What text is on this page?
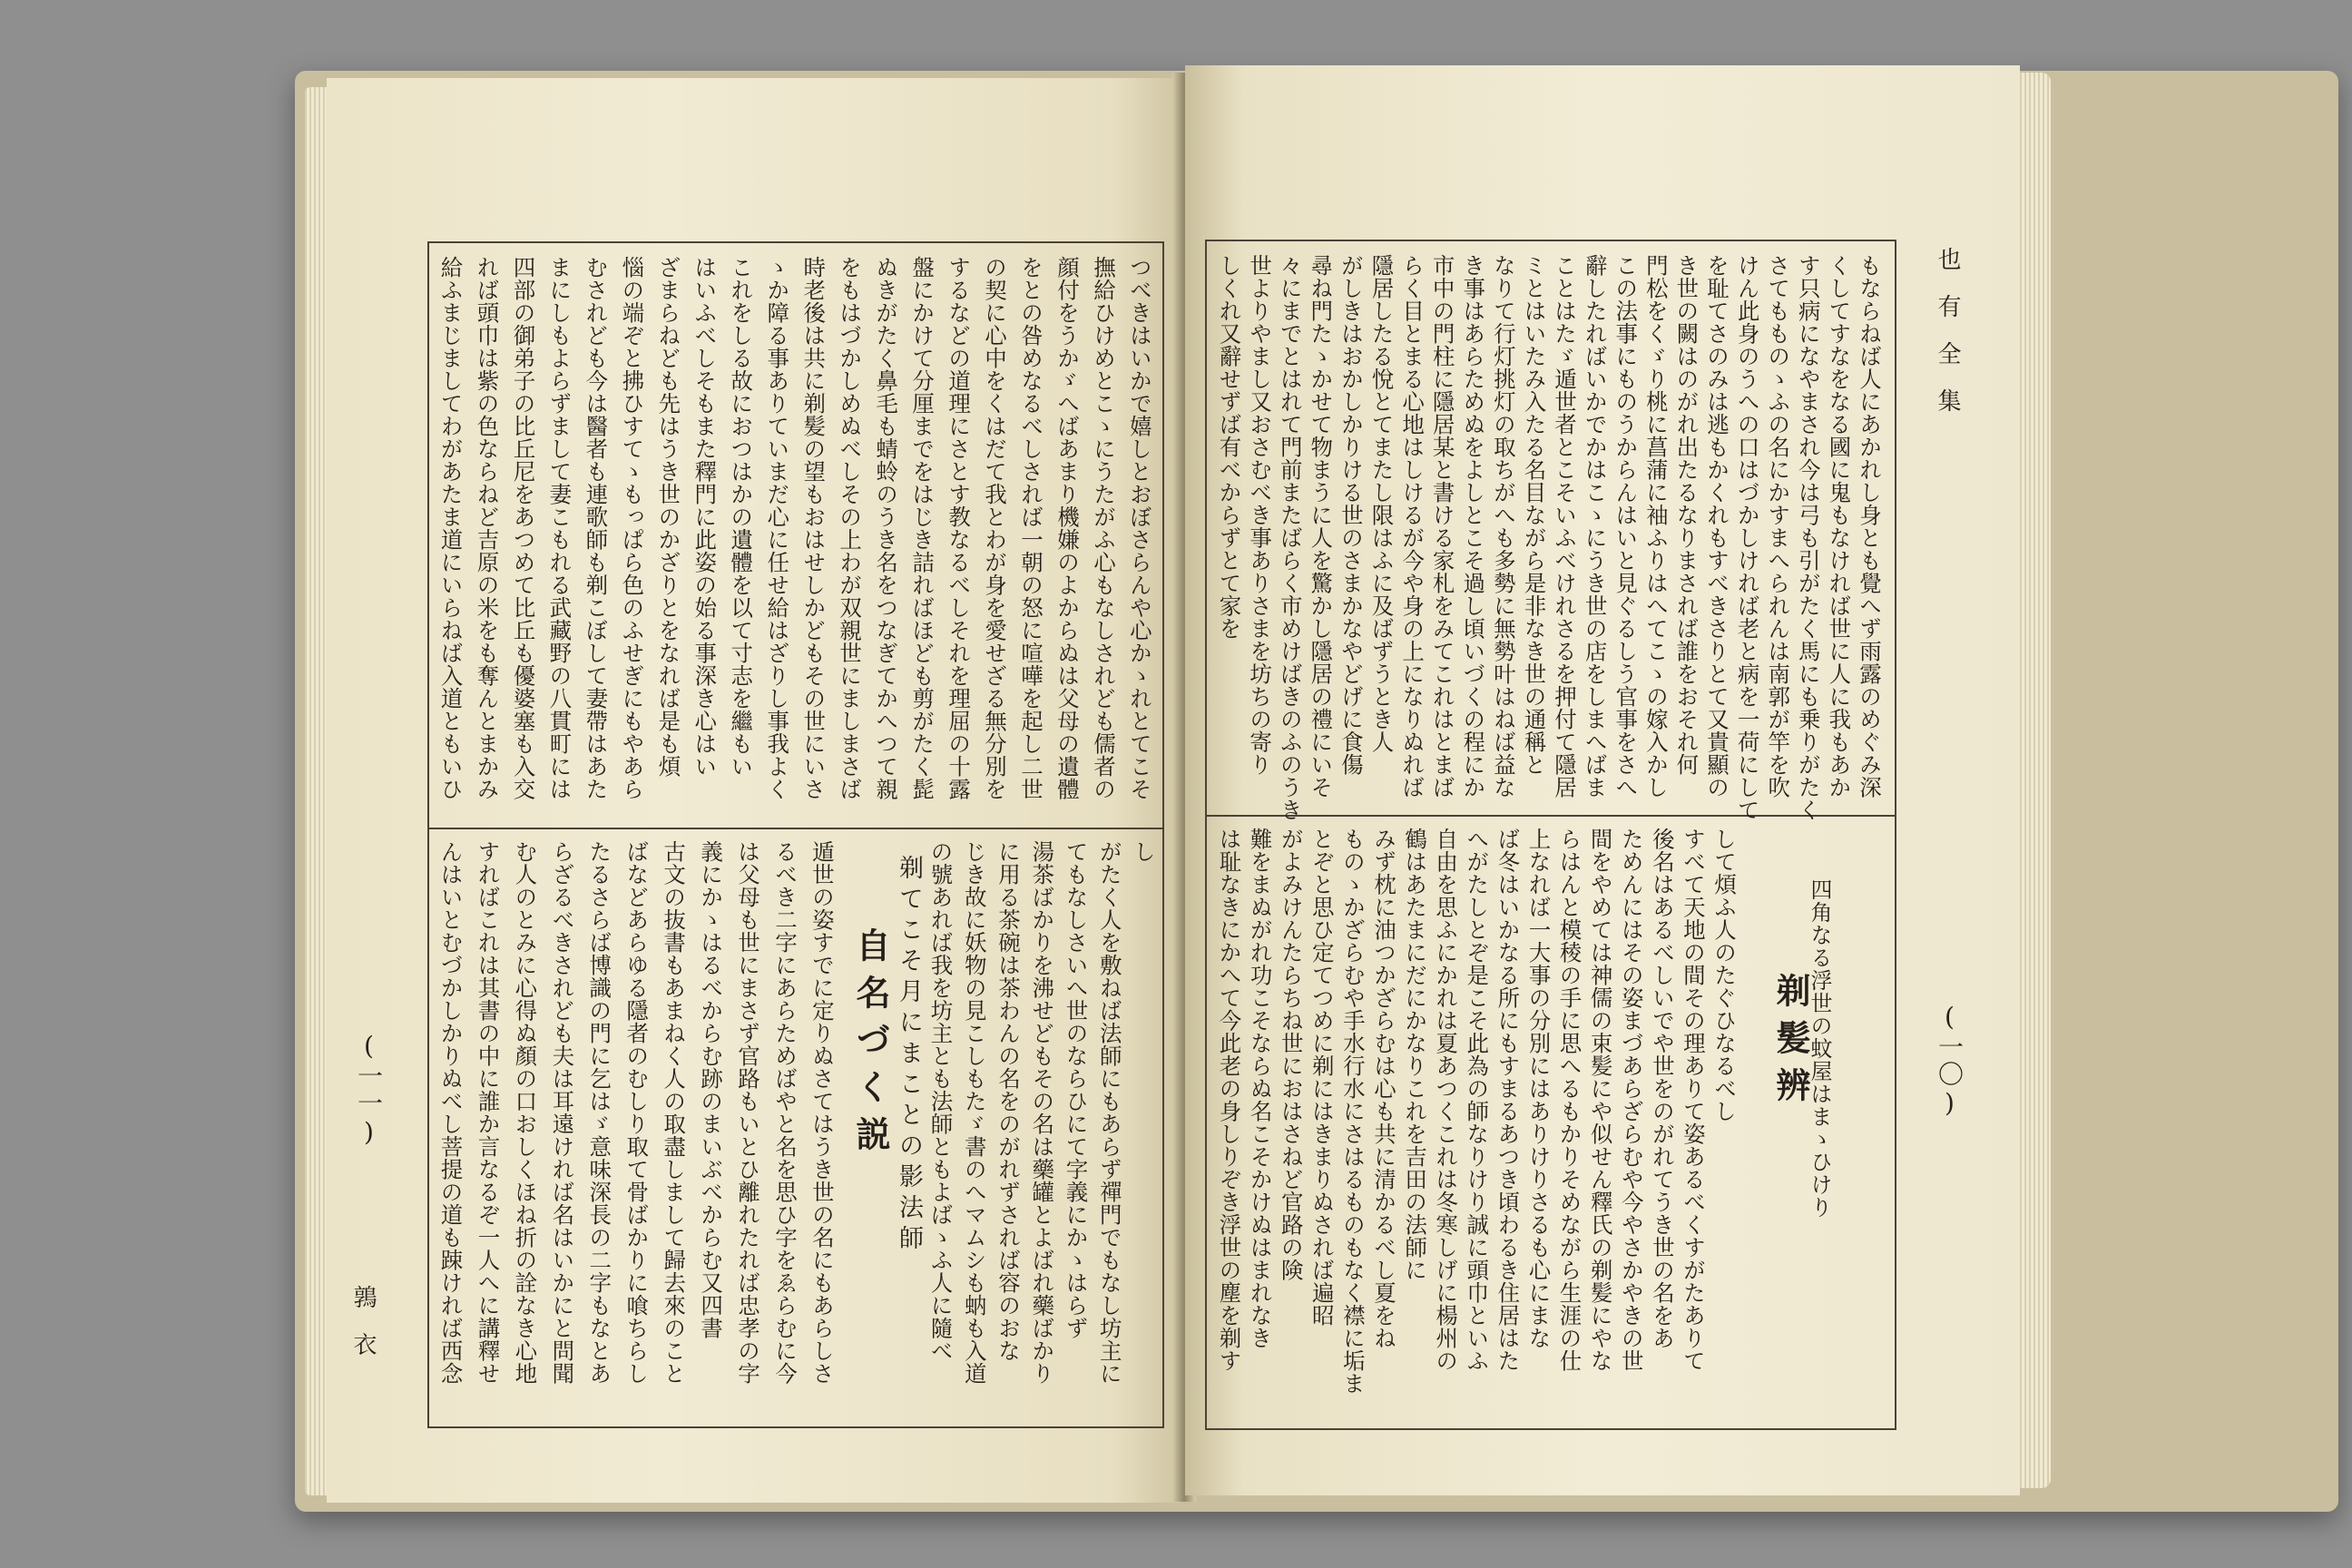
鶉衣
(一一)
つべきはいかで嬉しとおぼさらんや心かゝれとてこそ
撫給ひけめとこゝにうたがふ心もなしされども儒者の
顔付をうかゞへばあまり機嫌のよからぬは父母の遺體
をとの咎めなるべしされば一朝の怒に喧嘩を起し二世
の契に心中をくはだて我とわが身を愛せざる無分別を
するなどの道理にさとす教なるべしそれを理屈の十露
盤にかけて分厘までをはじき詰ればほども剪がたく髭
ぬきがたく鼻毛も蜻蛉のうき名をつなぎてかへつて親
をもはづかしめぬべしその上わが双親世にましまさば
時老後は共に剃髪の望もおはせしかどもその世にいさ
ゝか障る事ありていまだ心に任せ給はざりし事我よく
これをしる故におつはかの遺體を以て寸志を繼もい
はいふべしそもまた釋門に此姿の始る事深き心はい
ざまらねども先はうき世のかざりとをなれば是も煩
惱の端ぞと拂ひすてゝもっぱら色のふせぎにもやあら
むされども今は醫者も連歌師も剃こぼして妻帶はあた
まにしもよらずまして妻こもれる武藏野の八貫町には
四部の御弟子の比丘尼をあつめて比丘も優婆塞も入交
れば頭巾は紫の色ならねど吉原の米をも奪んとまかみ
給ふまじましてわがあたま道にいらねば入道ともいひ
遁世の姿すでに定りぬさてはうき世の名にもあらしさ
るべき二字にあらためばやと名を思ひ字をゑらむに今
は父母も世にまさず官路もいとひ離れたれば忠孝の字
義にかゝはるべからむ跡のまいぶべからむ又四書
古文の抜書もあまねく人の取盡しまして歸去來のこと
ばなどあらゆる隱者のむしり取て骨ばかりに喰ちらし
たるさらば博識の門に乞はゞ意味深長の二字もなとあ
らざるべきされども夫は耳遠ければ名はいかにと問聞
む人のとみに心得ぬ顏の口おしくほね折の詮なき心地
すればこれは其書の中に誰か言なるぞ一人へに講釋せ
んはいとむづかしかりぬべし菩提の道も踈ければ西念	自名づく説 剃てこそ月にまことの影法師
し
がたく人を敷ねば法師にもあらず禪門でもなし坊主に
てもなしさいへ世のならひにて字義にかゝはらず
湯茶ばかりを沸せどもその名は藥罐とよばれ藥ばかり
に用る茶碗は茶わんの名をのがれずされば容のおな
じき故に妖物の見こしもたゞ書のへマムシも蚋も入道
の號あれば我を坊主とも法師ともよばゝふ人に隨べ
也有全集
(一〇)
もならねば人にあかれし身とも覺へず雨露のめぐみ深
くしてすなをなる國に鬼もなければ世に人に我もあか
す只病になやまされ今は弓も引がたく馬にも乗りがたく
さてもものゝふの名にかすまへられんは南郭が竿を吹
けん此身のうへの口はづかしければ老と病を一荷にして
を耻てさのみは逃もかくれもすべきさりとて又貴顯の
き世の闕はのがれ出たるなりまされば誰をおそれ何
門松をくゞり桃に菖蒲に袖ふりはへてこゝの嫁入かし
この法事にものうからんはいと見ぐるしう官事をさへ
辭したればいかでかはこゝにうき世の店をしまへばま
ことはたゞ遁世者とこそいふべけれさるを押付て隱居
ミとはいたみ入たる名目ながら是非なき世の通稱と
なりて行灯挑灯の取ちがへも多勢に無勢叶はねば益な
き事はあらためぬをよしとこそ過し頃いづくの程にか
市中の門柱に隱居某と書ける家札をみてこれはとまば
らく目とまる心地はしけるが今や身の上になりぬれば
隱居したる悅とてまたし限はふに及ばずうとき人
がしきはおかしかりける世のさまかなやどげに食傷
尋ね門たゝかせて物まうに人を驚かし隱居の禮にいそ
々にまでとはれて門前またばらく市めけばきのふのうき
世よりやまし又おさむべき事ありさまを坊ちの寄り
しくれ又辭せずば有べからずとて家を
して煩ふ人のたぐひなるべし
すべて天地の間その理ありて姿あるべくすがたありて
後名はあるべしいでや世をのがれてうき世の名をあ
ためんにはその姿まづあらざらむや今やさかやきの世
間をやめては神儒の束髪にや似せん釋氏の剃髪にやな
らはんと模稜の手に思へるもかりそめながら生涯の仕
上なれば一大事の分別にはありけりさるも心にまな
ば冬はいかなる所にもすまるあつき頃わるき住居はた
へがたしとぞ是こそ此為の師なりけり誠に頭巾といふ
自由を思ふにかれは夏あつくこれは冬寒しげに楊州の
鶴はあたまにだにかなりこれを吉田の法師に
みず枕に油つかざらむは心も共に清かるべし夏をね
ものゝかざらむや手水行水にさはるものもなく襟に垢ま
とぞと思ひ定てつめに剃にはきまりぬされば遍昭
がよみけんたらちね世におはさねど官路の険
難をまぬがれ功こそならぬ名こそかけぬはまれなき
は耻なきにかへて今此老の身しりぞき浮世の塵を剃す	剃髪辨
四角なる浮世の蚊屋はまゝひけり
